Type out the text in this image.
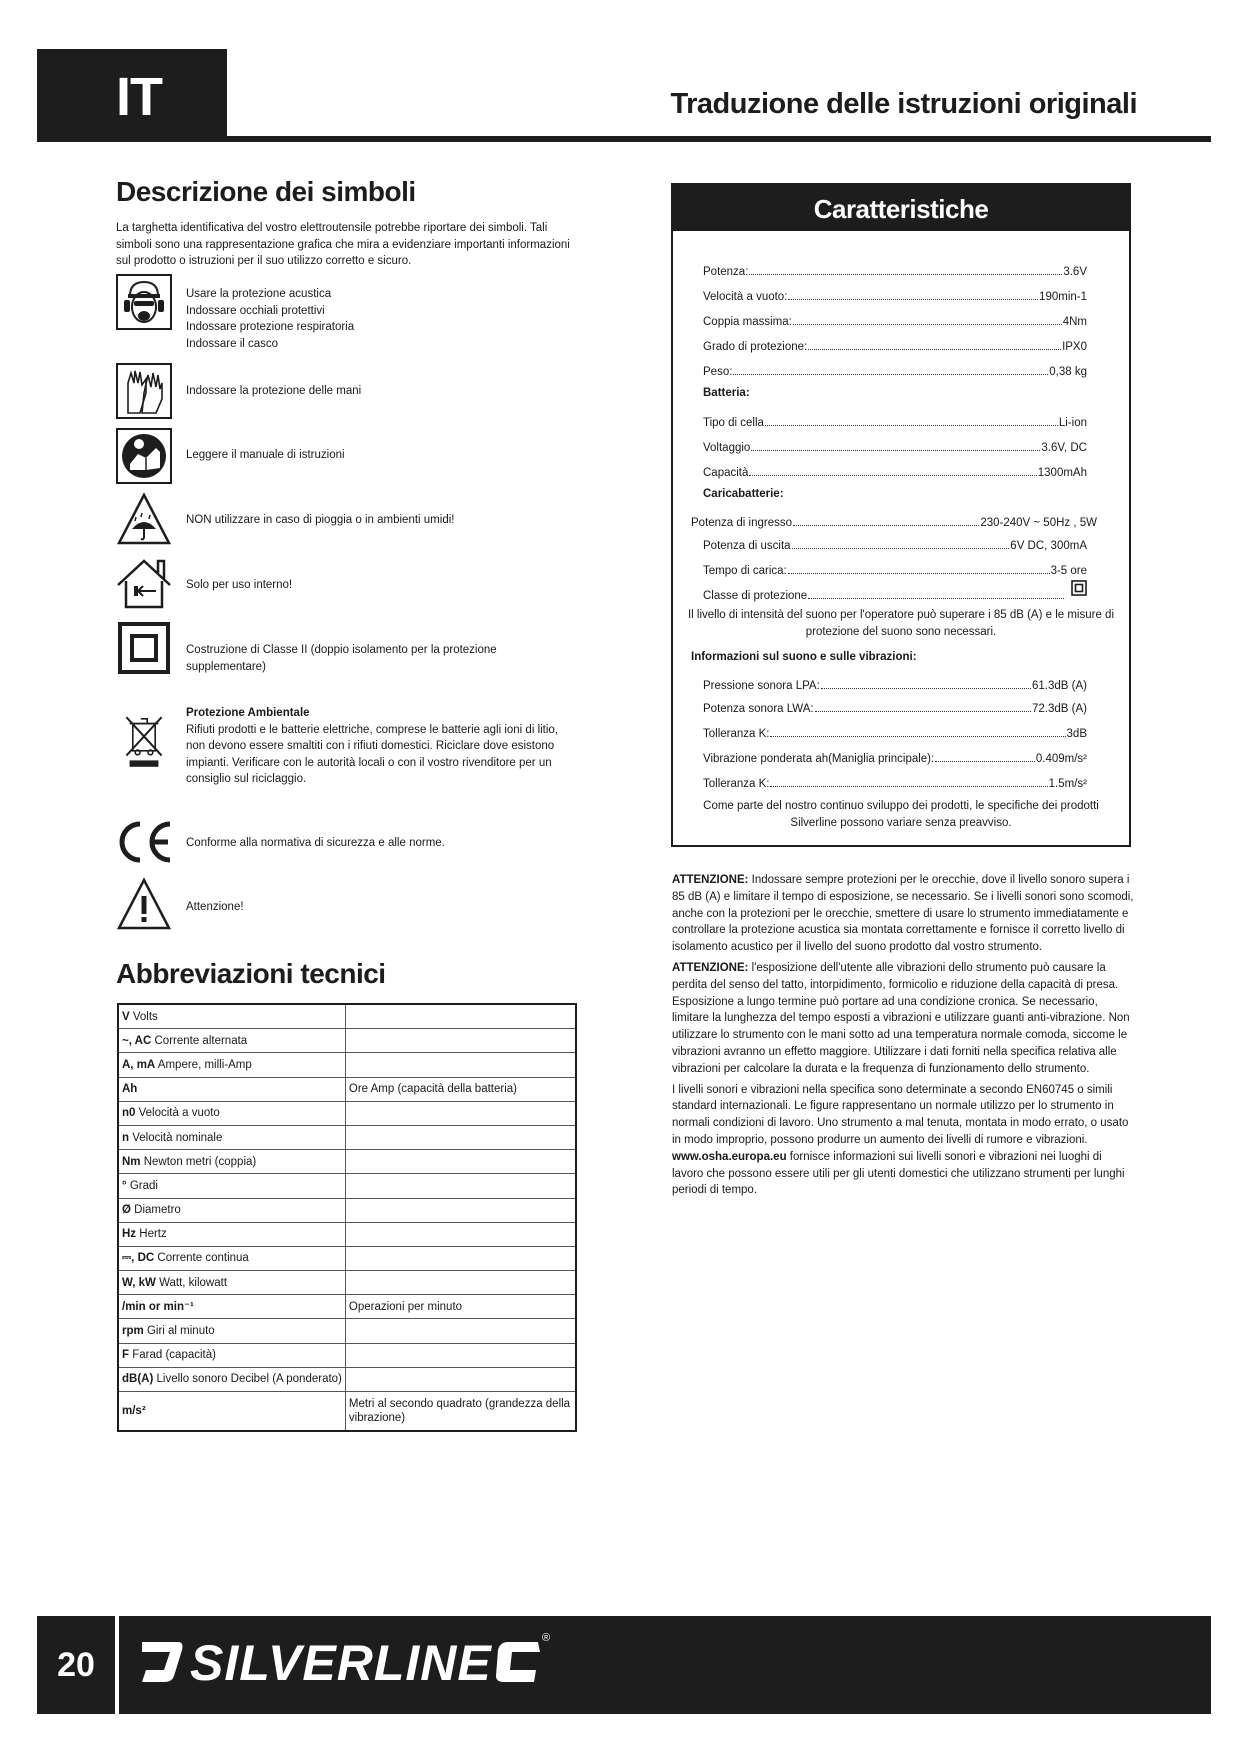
IT	Traduzione delle istruzioni originali
Descrizione dei simboli
La targhetta identificativa del vostro elettroutensile potrebbe riportare dei simboli. Tali simboli sono una rappresentazione grafica che mira a evidenziare importanti informazioni sul prodotto o istruzioni per il suo utilizzo corretto e sicuro.
Usare la protezione acustica
Indossare occhiali protettivi
Indossare protezione respiratoria
Indossare il casco
Indossare la protezione delle mani
Leggere il manuale di istruzioni
NON utilizzare in caso di pioggia o in ambienti umidi!
Solo per uso interno!
Costruzione di Classe II (doppio isolamento per la protezione supplementare)
Protezione Ambientale
Rifiuti prodotti e le batterie elettriche, comprese le batterie agli ioni di litio,
non devono essere smaltiti con i rifiuti domestici. Riciclare dove esistono
impianti. Verificare con le autorità locali o con il vostro rivenditore per un
consiglio sul riciclaggio.
Conforme alla normativa di sicurezza e alle norme.
Attenzione!
Abbreviazioni tecnici
V Volts	
~, AC Corrente alternata	
A, mA Ampere, milli-Amp	
Ah	Ore Amp (capacità della batteria)
n0 Velocità a vuoto	
n Velocità nominale	
Nm Newton metri (coppia)	
° Gradi	
Ø Diametro	
Hz Hertz	
⎓, DC Corrente continua	
W, kW Watt, kilowatt	
/min or min⁻¹	Operazioni per minuto
rpm Giri al minuto	
F Farad (capacità)	
dB(A) Livello sonoro Decibel (A ponderato)	
m/s²	Metri al secondo quadrato (grandezza della vibrazione)
Caratteristiche
Potenza:	3.6V
Velocità a vuoto:	190min-1
Coppia massima:	4Nm
Grado di protezione:	IPX0
Peso:	0,38 kg
Tipo di cella	Li-ion
Voltaggio	3.6V, DC
Capacità	1300mAh
Potenza di ingresso	230-240V ~ 50Hz , 5W
Potenza di uscita	6V DC, 300mA
Tempo di carica:	3-5 ore
Classe di protezione
Pressione sonora LPA:	61.3dB (A)
Potenza sonora LWA:	72.3dB (A)
Tolleranza K:	3dB
Vibrazione ponderata ah(Maniglia principale):	0.409m/s²
Tolleranza K:	1.5m/s²
Batteria:
Caricabatterie:
Il livello di intensità del suono per l'operatore può superare i 85 dB (A) e le misure di protezione del suono sono necessari.
Informazioni sul suono e sulle vibrazioni:
Come parte del nostro continuo sviluppo dei prodotti, le specifiche dei prodotti Silverline possono variare senza preavviso.

ATTENZIONE: Indossare sempre protezioni per le orecchie, dove il livello sonoro supera i 85 dB (A) e limitare il tempo di esposizione, se necessario. Se i livelli sonori sono scomodi, anche con la protezioni per le orecchie, smettere di usare lo strumento immediatamente e controllare la protezione acustica sia montata correttamente e fornisce il corretto livello di isolamento acustico per il livello del suono prodotto dal vostro strumento.

ATTENZIONE: l'esposizione dell'utente alle vibrazioni dello strumento può causare la perdita del senso del tatto, intorpidimento, formicolio e riduzione della capacità di presa. Esposizione a lungo termine può portare ad una condizione cronica. Se necessario, limitare la lunghezza del tempo esposti a vibrazioni e utilizzare guanti anti-vibrazione. Non utilizzare lo strumento con le mani sotto ad una temperatura normale comoda, siccome le vibrazioni avranno un effetto maggiore. Utilizzare i dati forniti nella specifica relativa alle vibrazioni per calcolare la durata e la frequenza di funzionamento dello strumento.

I livelli sonori e vibrazioni nella specifica sono determinate a secondo EN60745 o simili standard internazionali. Le figure rappresentano un normale utilizzo per lo strumento in normali condizioni di lavoro. Uno strumento a mal tenuta, montata in modo errato, o usato in modo improprio, possono produrre un aumento dei livelli di rumore e vibrazioni. www.osha.europa.eu fornisce informazioni sui livelli sonori e vibrazioni nei luoghi di lavoro che possono essere utili per gli utenti domestici che utilizzano strumenti per lunghi periodi di tempo.

20	SILVERLINE	®
